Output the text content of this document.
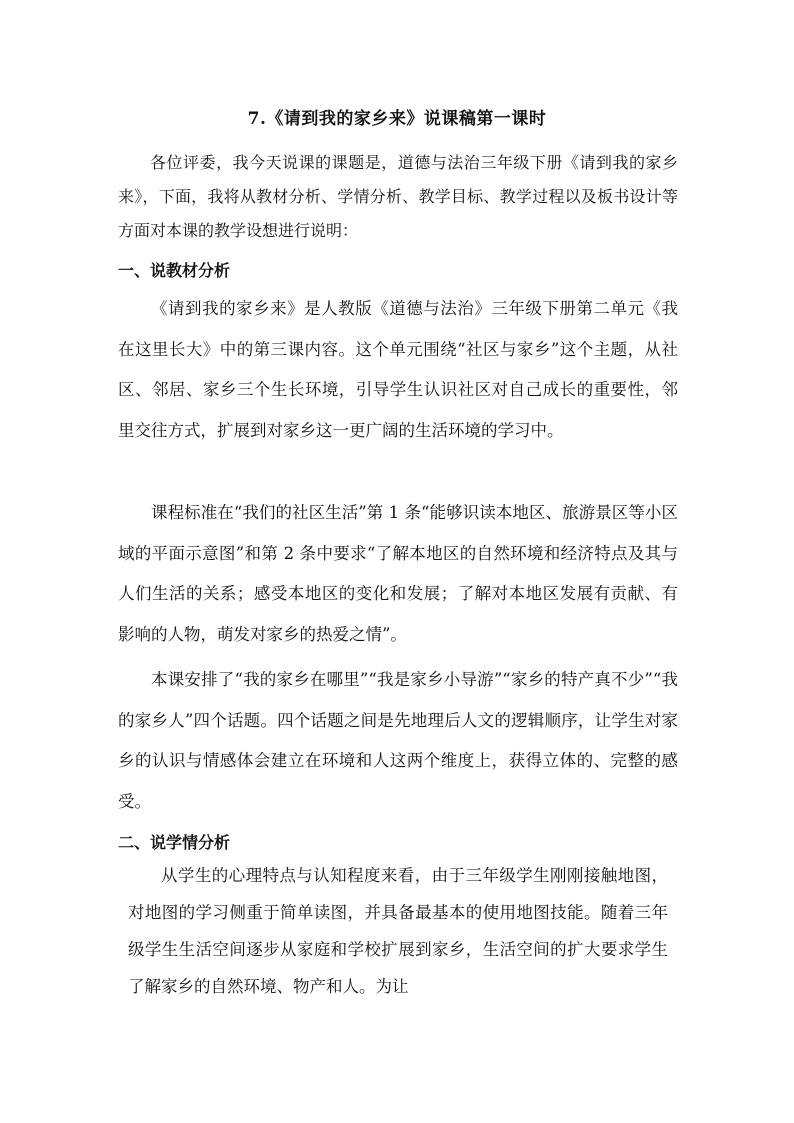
7.《请到我的家乡来》说课稿第一课时
各位评委，我今天说课的课题是，道德与法治三年级下册《请到我的家乡来》，下面，我将从教材分析、学情分析、教学目标、教学过程以及板书设计等方面对本课的教学设想进行说明：
一、说教材分析
《请到我的家乡来》是人教版《道德与法治》三年级下册第二单元《我在这里长大》中的第三课内容。这个单元围绕“社区与家乡”这个主题，从社区、邻居、家乡三个生长环境，引导学生认识社区对自己成长的重要性，邻里交往方式，扩展到对家乡这一更广阔的生活环境的学习中。
课程标准在“我们的社区生活”第 1 条“能够识读本地区、旅游景区等小区域的平面示意图”和第 2 条中要求“了解本地区的自然环境和经济特点及其与人们生活的关系；感受本地区的变化和发展；了解对本地区发展有贡献、有影响的人物，萌发对家乡的热爱之情”。
本课安排了“我的家乡在哪里”“我是家乡小导游”“家乡的特产真不少”“我的家乡人”四个话题。四个话题之间是先地理后人文的逻辑顺序，让学生对家乡的认识与情感体会建立在环境和人这两个维度上，获得立体的、完整的感受。
二、说学情分析
从学生的心理特点与认知程度来看，由于三年级学生刚刚接触地图，对地图的学习侧重于简单读图，并具备最基本的使用地图技能。随着三年级学生生活空间逐步从家庭和学校扩展到家乡，生活空间的扩大要求学生了解家乡的自然环境、物产和人。为让
